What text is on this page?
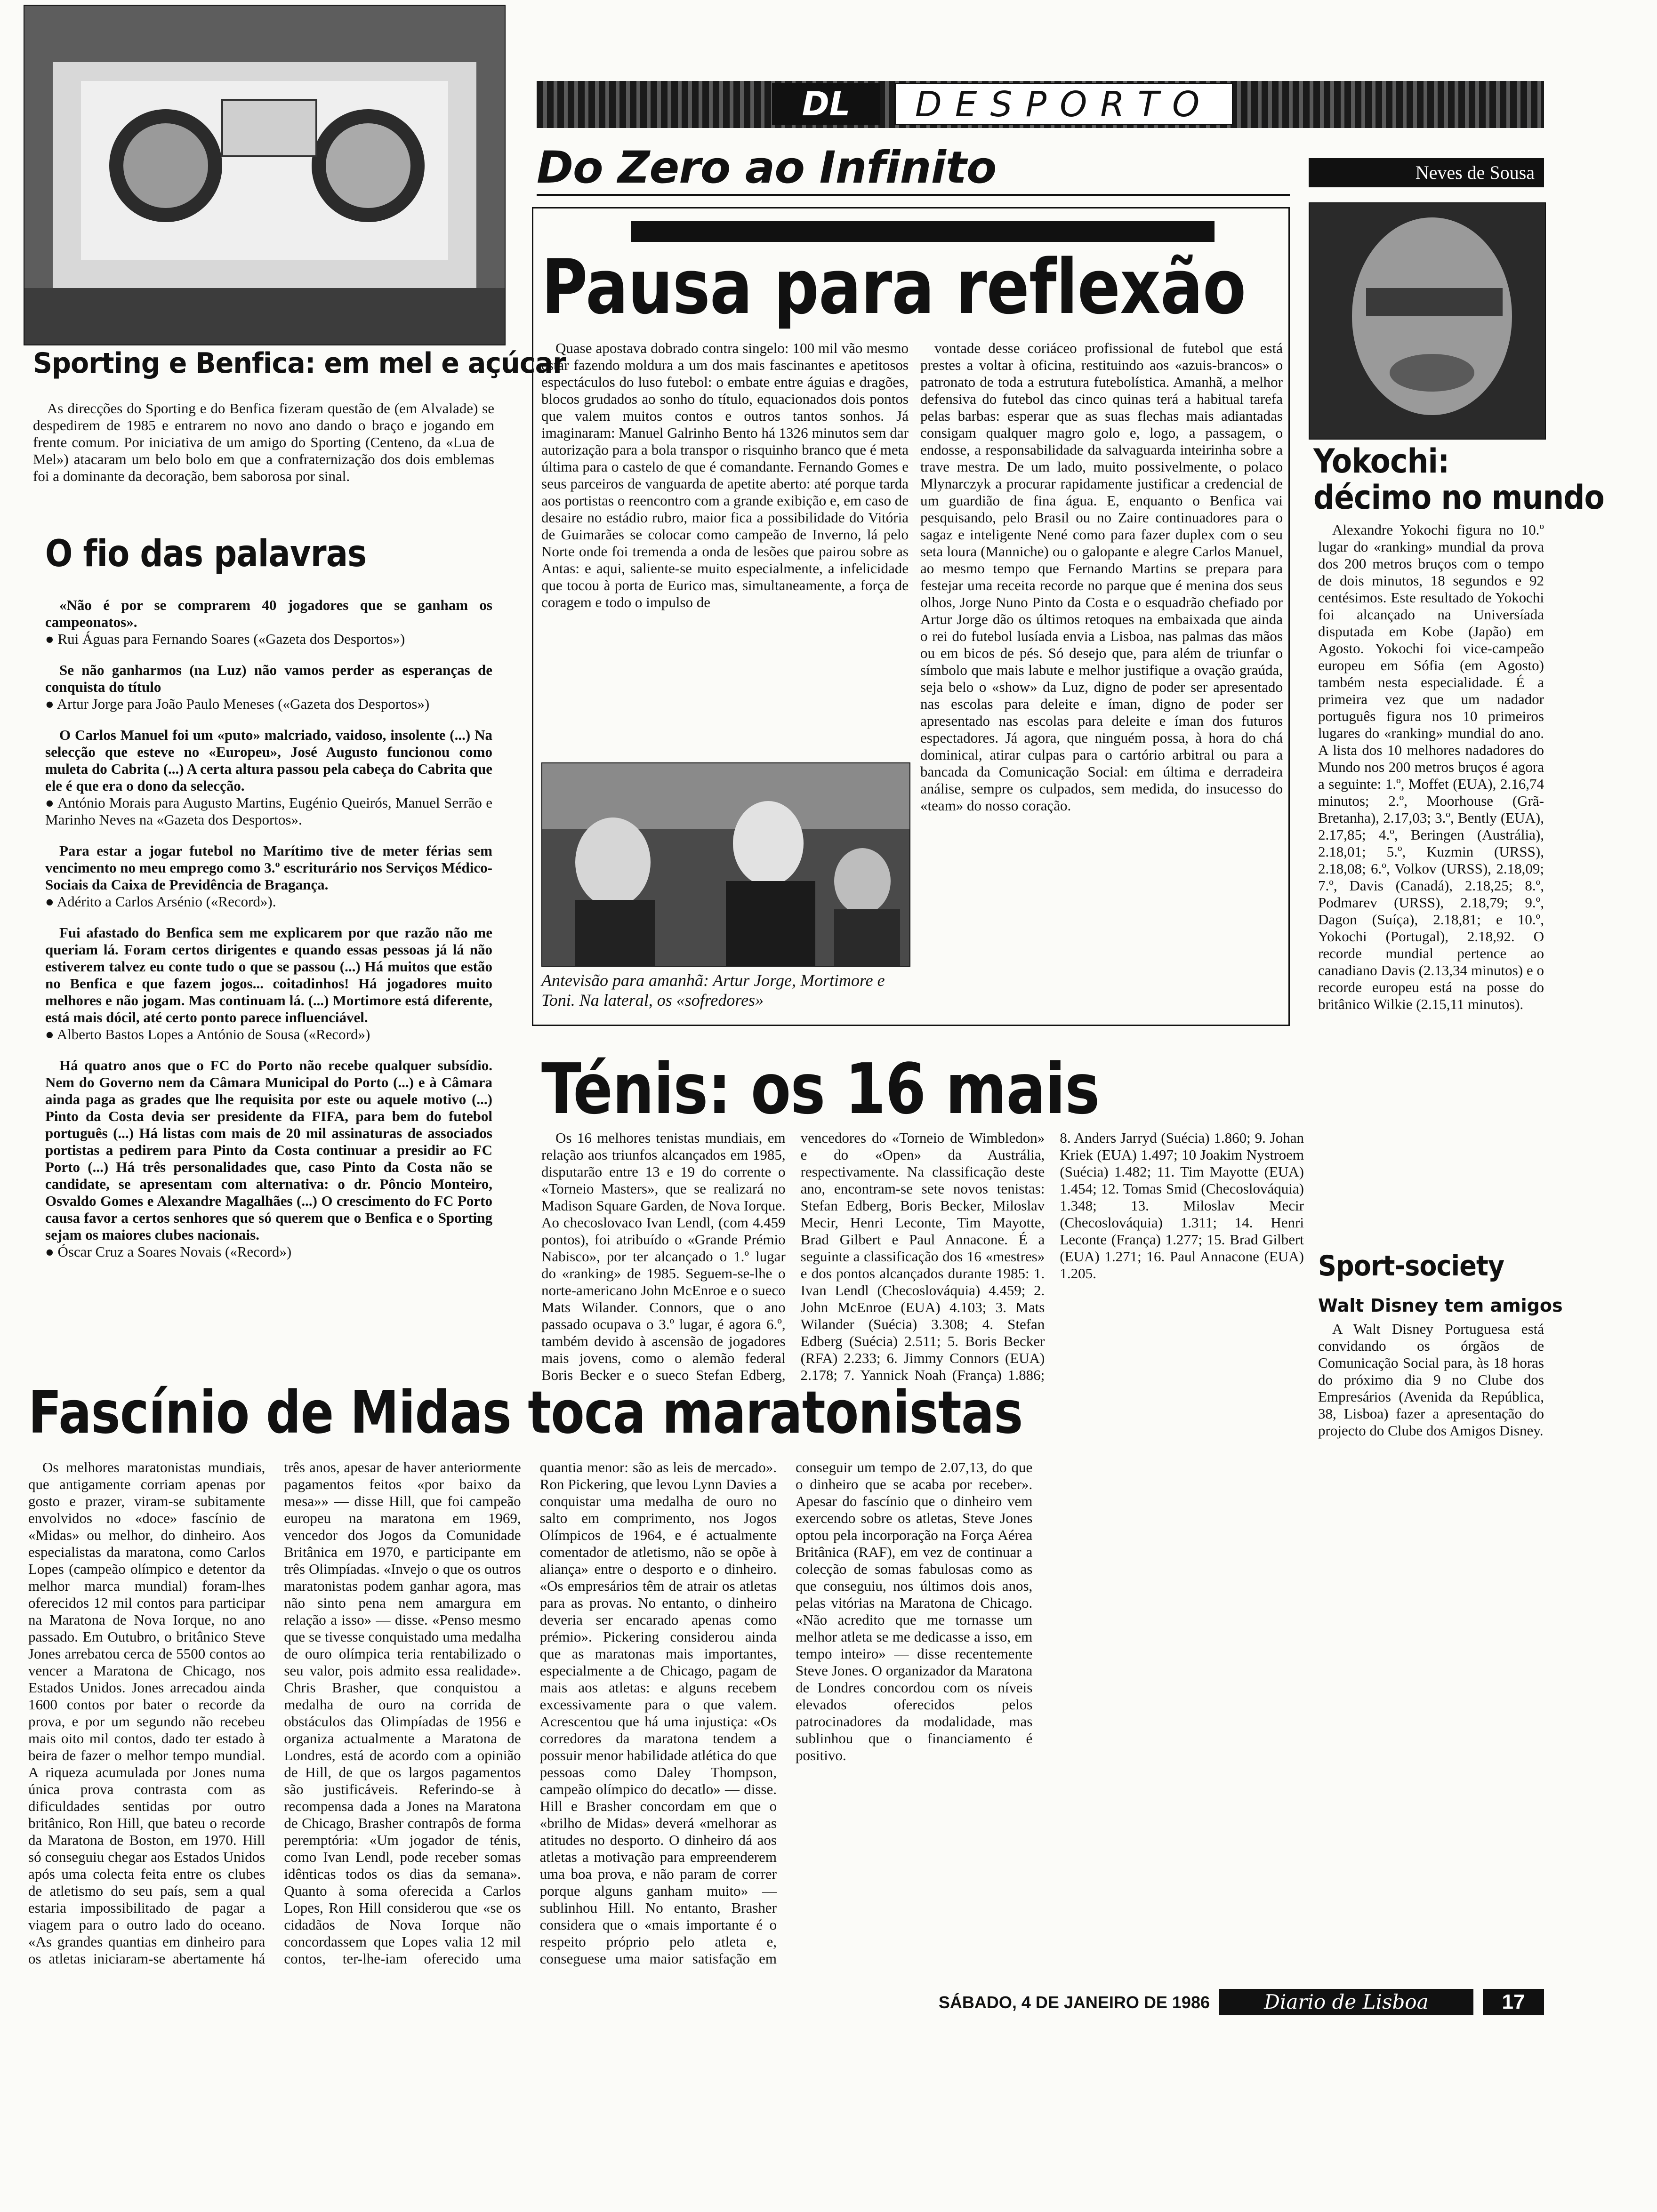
DL	DESPORTO
Do Zero ao Infinito	Neves de Sousa
Sporting e Benfica: em mel e açúcar
As direcções do Sporting e do Benfica fizeram questão de (em Alvalade) se despedirem de 1985 e entrarem no novo ano dando o braço e jogando em frente comum. Por iniciativa de um amigo do Sporting (Centeno, da «Lua de Mel») atacaram um belo bolo em que a confraternização dos dois emblemas foi a dominante da decoração, bem saborosa por sinal.
O fio das palavras

«Não é por se comprarem 40 jogadores que se ganham os campeonatos».
● Rui Águas para Fernando Soares («Gazeta dos Desportos»)

Se não ganharmos (na Luz) não vamos perder as esperanças de conquista do título
● Artur Jorge para João Paulo Meneses («Gazeta dos Desportos»)

O Carlos Manuel foi um «puto» malcriado, vaidoso, insolente (...) Na selecção que esteve no «Europeu», José Augusto funcionou como muleta do Cabrita (...) A certa altura passou pela cabeça do Cabrita que ele é que era o dono da selecção.
● António Morais para Augusto Martins, Eugénio Queirós, Manuel Serrão e Marinho Neves na «Gazeta dos Desportos».

Para estar a jogar futebol no Marítimo tive de meter férias sem vencimento no meu emprego como 3.º escriturário nos Serviços Médico-Sociais da Caixa de Previdência de Bragança.
● Adérito a Carlos Arsénio («Record»).

Fui afastado do Benfica sem me explicarem por que razão não me queriam lá. Foram certos dirigentes e quando essas pessoas já lá não estiverem talvez eu conte tudo o que se passou (...) Há muitos que estão no Benfica e que fazem jogos... coitadinhos! Há jogadores muito melhores e não jogam. Mas continuam lá. (...) Mortimore está diferente, está mais dócil, até certo ponto parece influenciável.
● Alberto Bastos Lopes a António de Sousa («Record»)

Há quatro anos que o FC do Porto não recebe qualquer subsídio. Nem do Governo nem da Câmara Municipal do Porto (...) e à Câmara ainda paga as grades que lhe requisita por este ou aquele motivo (...) Pinto da Costa devia ser presidente da FIFA, para bem do futebol português (...) Há listas com mais de 20 mil assinaturas de associados portistas a pedirem para Pinto da Costa continuar a presidir ao FC Porto (...) Há três personalidades que, caso Pinto da Costa não se candidate, se apresentam com alternativa: o dr. Pôncio Monteiro, Osvaldo Gomes e Alexandre Magalhães (...) O crescimento do FC Porto causa favor a certos senhores que só querem que o Benfica e o Sporting sejam os maiores clubes nacionais.
● Óscar Cruz a Soares Novais («Record»)

Pausa para reflexão
Quase apostava dobrado contra singelo: 100 mil vão mesmo estar fazendo moldura a um dos mais fascinantes e apetitosos espectáculos do luso futebol: o embate entre águias e dragões, blocos grudados ao sonho do título, equacionados dois pontos que valem muitos contos e outros tantos sonhos. Já imaginaram: Manuel Galrinho Bento há 1326 minutos sem dar autorização para a bola transpor o risquinho branco que é meta última para o castelo de que é comandante. Fernando Gomes e seus parceiros de vanguarda de apetite aberto: até porque tarda aos portistas o reencontro com a grande exibição e, em caso de desaire no estádio rubro, maior fica a possibilidade do Vitória de Guimarães se colocar como campeão de Inverno, lá pelo Norte onde foi tremenda a onda de lesões que pairou sobre as Antas: e aqui, saliente-se muito especialmente, a infelicidade que tocou à porta de Eurico mas, simultaneamente, a força de coragem e todo o impulso de
vontade desse coriáceo profissional de futebol que está prestes a voltar à oficina, restituindo aos «azuis-brancos» o patronato de toda a estrutura futebolística. Amanhã, a melhor defensiva do futebol das cinco quinas terá a habitual tarefa pelas barbas: esperar que as suas flechas mais adiantadas consigam qualquer magro golo e, logo, a passagem, o endosse, a responsabilidade da salvaguarda inteirinha sobre a trave mestra. De um lado, muito possivelmente, o polaco Mlynarczyk a procurar rapidamente justificar a credencial de um guardião de fina água. E, enquanto o Benfica vai pesquisando, pelo Brasil ou no Zaire continuadores para o sagaz e inteligente Nené como para fazer duplex com o seu seta loura (Manniche) ou o galopante e alegre Carlos Manuel, ao mesmo tempo que Fernando Martins se prepara para festejar uma receita recorde no parque que é menina dos seus olhos, Jorge Nuno Pinto da Costa e o esquadrão chefiado por Artur Jorge dão os últimos retoques na embaixada que ainda o rei do futebol lusíada envia a Lisboa, nas palmas das mãos ou em bicos de pés. Só desejo que, para além de triunfar o símbolo que mais labute e melhor justifique a ovação graúda, seja belo o «show» da Luz, digno de poder ser apresentado nas escolas para deleite e íman, digno de poder ser apresentado nas escolas para deleite e íman dos futuros espectadores. Já agora, que ninguém possa, à hora do chá dominical, atirar culpas para o cartório arbitral ou para a bancada da Comunicação Social: em última e derradeira análise, sempre os culpados, sem medida, do insucesso do «team» do nosso coração.
Antevisão para amanhã: Artur Jorge, Mortimore e Toni. Na lateral, os «sofredores»
Yokochi:
décimo no mundo
Alexandre Yokochi figura no 10.º lugar do «ranking» mundial da prova dos 200 metros bruços com o tempo de dois minutos, 18 segundos e 92 centésimos. Este resultado de Yokochi foi alcançado na Universíada disputada em Kobe (Japão) em Agosto. Yokochi foi vice-campeão europeu em Sófia (em Agosto) também nesta especialidade. É a primeira vez que um nadador português figura nos 10 primeiros lugares do «ranking» mundial do ano. A lista dos 10 melhores nadadores do Mundo nos 200 metros bruços é agora a seguinte: 1.º, Moffet (EUA), 2.16,74 minutos; 2.º, Moorhouse (Grã-Bretanha), 2.17,03; 3.º, Bently (EUA), 2.17,85; 4.º, Beringen (Austrália), 2.18,01; 5.º, Kuzmin (URSS), 2.18,08; 6.º, Volkov (URSS), 2.18,09; 7.º, Davis (Canadá), 2.18,25; 8.º, Podmarev (URSS), 2.18,79; 9.º, Dagon (Suíça), 2.18,81; e 10.º, Yokochi (Portugal), 2.18,92. O recorde mundial pertence ao canadiano Davis (2.13,34 minutos) e o recorde europeu está na posse do britânico Wilkie (2.15,11 minutos).
Ténis: os 16 mais
Os 16 melhores tenistas mundiais, em relação aos triunfos alcançados em 1985, disputarão entre 13 e 19 do corrente o «Torneio Masters», que se realizará no Madison Square Garden, de Nova Iorque. Ao checoslovaco Ivan Lendl, (com 4.459 pontos), foi atribuído o «Grande Prémio Nabisco», por ter alcançado o 1.º lugar do «ranking» de 1985. Seguem-se-lhe o norte-americano John McEnroe e o sueco Mats Wilander. Connors, que o ano passado ocupava o 3.º lugar, é agora 6.º, também devido à ascensão de jogadores mais jovens, como o alemão federal Boris Becker e o sueco Stefan Edberg, vencedores do «Torneio de Wimbledon» e do «Open» da Austrália, respectivamente. Na classificação deste ano, encontram-se sete novos tenistas: Stefan Edberg, Boris Becker, Miloslav Mecir, Henri Leconte, Tim Mayotte, Brad Gilbert e Paul Annacone. É a seguinte a classificação dos 16 «mestres» e dos pontos alcançados durante 1985: 1. Ivan Lendl (Checoslováquia) 4.459; 2. John McEnroe (EUA) 4.103; 3. Mats Wilander (Suécia) 3.308; 4. Stefan Edberg (Suécia) 2.511; 5. Boris Becker (RFA) 2.233; 6. Jimmy Connors (EUA) 2.178; 7. Yannick Noah (França) 1.886; 8. Anders Jarryd (Suécia) 1.860; 9. Johan Kriek (EUA) 1.497; 10 Joakim Nystroem (Suécia) 1.482; 11. Tim Mayotte (EUA) 1.454; 12. Tomas Smid (Checoslováquia) 1.348; 13. Miloslav Mecir (Checoslováquia) 1.311; 14. Henri Leconte (França) 1.277; 15. Brad Gilbert (EUA) 1.271; 16. Paul Annacone (EUA) 1.205.	Sport-society
Walt Disney tem amigos
A Walt Disney Portuguesa está convidando os órgãos de Comunicação Social para, às 18 horas do próximo dia 9 no Clube dos Empresários (Avenida da República, 38, Lisboa) fazer a apresentação do projecto do Clube dos Amigos Disney.
Fascínio de Midas toca maratonistas
Os melhores maratonistas mundiais, que antigamente corriam apenas por gosto e prazer, viram-se subitamente envolvidos no «doce» fascínio de «Midas» ou melhor, do dinheiro. Aos especialistas da maratona, como Carlos Lopes (campeão olímpico e detentor da melhor marca mundial) foram-lhes oferecidos 12 mil contos para participar na Maratona de Nova Iorque, no ano passado. Em Outubro, o britânico Steve Jones arrebatou cerca de 5500 contos ao vencer a Maratona de Chicago, nos Estados Unidos. Jones arrecadou ainda 1600 contos por bater o recorde da prova, e por um segundo não recebeu mais oito mil contos, dado ter estado à beira de fazer o melhor tempo mundial. A riqueza acumulada por Jones numa única prova contrasta com as dificuldades sentidas por outro britânico, Ron Hill, que bateu o recorde da Maratona de Boston, em 1970. Hill só conseguiu chegar aos Estados Unidos após uma colecta feita entre os clubes de atletismo do seu país, sem a qual estaria impossibilitado de pagar a viagem para o outro lado do oceano. «As grandes quantias em dinheiro para os atletas iniciaram-se abertamente há três anos, apesar de haver anteriormente pagamentos feitos «por baixo da mesa»» — disse Hill, que foi campeão europeu na maratona em 1969, vencedor dos Jogos da Comunidade Britânica em 1970, e participante em três Olimpíadas. «Invejo o que os outros maratonistas podem ganhar agora, mas não sinto pena nem amargura em relação a isso» — disse. «Penso mesmo que se tivesse conquistado uma medalha de ouro olímpica teria rentabilizado o seu valor, pois admito essa realidade». Chris Brasher, que conquistou a medalha de ouro na corrida de obstáculos das Olimpíadas de 1956 e organiza actualmente a Maratona de Londres, está de acordo com a opinião de Hill, de que os largos pagamentos são justificáveis. Referindo-se à recompensa dada a Jones na Maratona de Chicago, Brasher contrapôs de forma peremptória: «Um jogador de ténis, como Ivan Lendl, pode receber somas idênticas todos os dias da semana». Quanto à soma oferecida a Carlos Lopes, Ron Hill considerou que «se os cidadãos de Nova Iorque não concordassem que Lopes valia 12 mil contos, ter-lhe-iam oferecido uma quantia menor: são as leis de mercado». Ron Pickering, que levou Lynn Davies a conquistar uma medalha de ouro no salto em comprimento, nos Jogos Olímpicos de 1964, e é actualmente comentador de atletismo, não se opõe à aliança» entre o desporto e o dinheiro. «Os empresários têm de atrair os atletas para as provas. No entanto, o dinheiro deveria ser encarado apenas como prémio». Pickering considerou ainda que as maratonas mais importantes, especialmente a de Chicago, pagam de mais aos atletas: e alguns recebem excessivamente para o que valem. Acrescentou que há uma injustiça: «Os corredores da maratona tendem a possuir menor habilidade atlética do que pessoas como Daley Thompson, campeão olímpico do decatlo» — disse. Hill e Brasher concordam em que o «brilho de Midas» deverá «melhorar as atitudes no desporto. O dinheiro dá aos atletas a motivação para empreenderem uma boa prova, e não param de correr porque alguns ganham muito» — sublinhou Hill. No entanto, Brasher considera que o «mais importante é o respeito próprio pelo atleta e, conseguese uma maior satisfação em conseguir um tempo de 2.07,13, do que o dinheiro que se acaba por receber». Apesar do fascínio que o dinheiro vem exercendo sobre os atletas, Steve Jones optou pela incorporação na Força Aérea Britânica (RAF), em vez de continuar a colecção de somas fabulosas como as que conseguiu, nos últimos dois anos, pelas vitórias na Maratona de Chicago. «Não acredito que me tornasse um melhor atleta se me dedicasse a isso, em tempo inteiro» — disse recentemente Steve Jones. O organizador da Maratona de Londres concordou com os níveis elevados oferecidos pelos patrocinadores da modalidade, mas sublinhou que o financiamento é positivo.
SÁBADO, 4 DE JANEIRO DE 1986	Diario de Lisboa	17
